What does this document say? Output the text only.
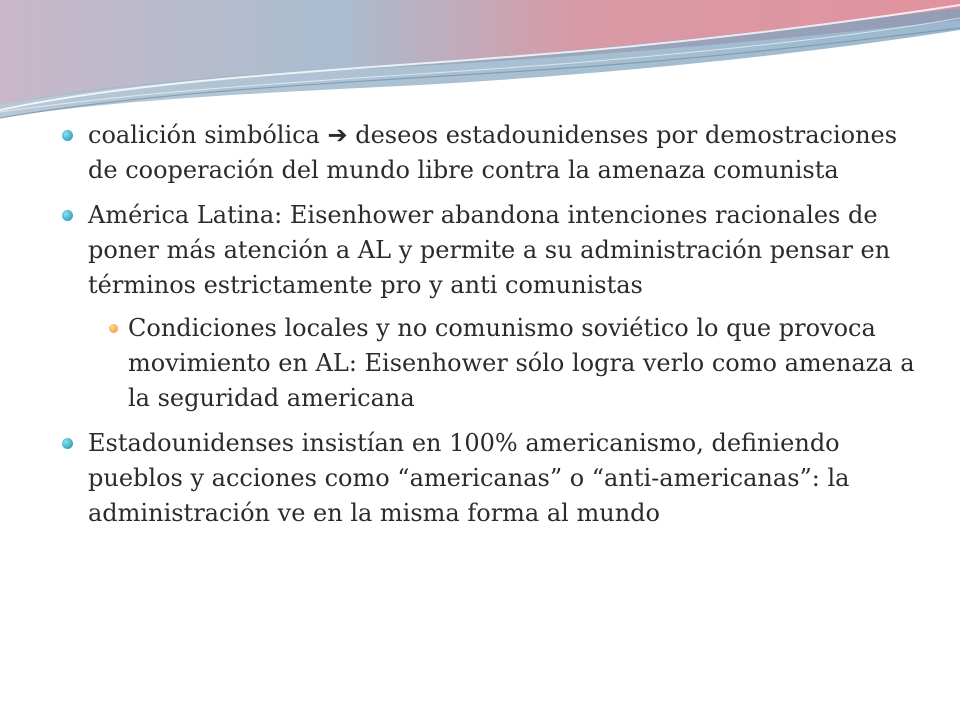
coalición simbólica ➔ deseos estadounidenses por demostraciones de cooperación del mundo libre contra la amenaza comunista
América Latina: Eisenhower abandona intenciones racionales de poner más atención a AL y permite a su administración pensar en términos estrictamente pro y anti comunistas
Condiciones locales y no comunismo soviético lo que provoca movimiento en AL: Eisenhower sólo logra verlo como amenaza a la seguridad americana
Estadounidenses insistían en 100% americanismo, definiendo pueblos y acciones como “americanas” o “anti-americanas”: la administración ve en la misma forma al mundo
